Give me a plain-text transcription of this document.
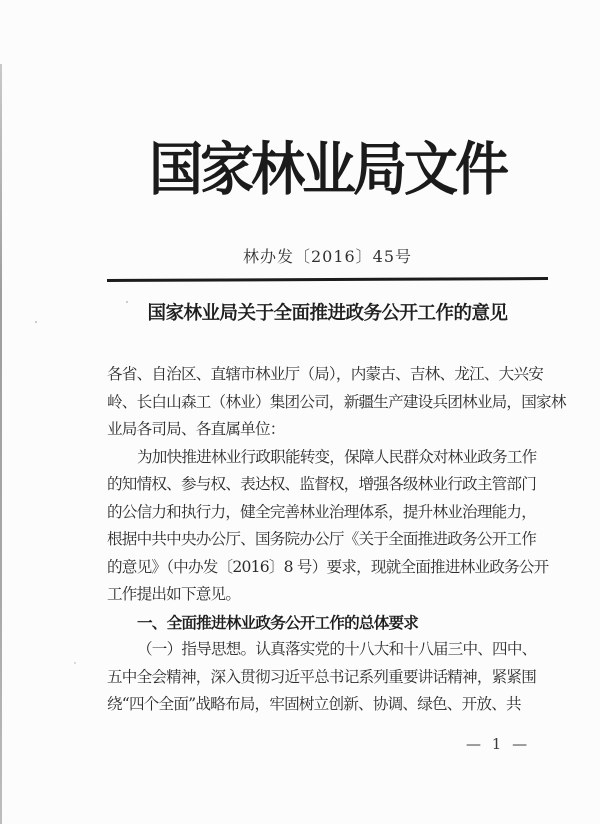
国家林业局文件
林办发〔2016〕45号
国家林业局关于全面推进政务公开工作的意见
各省、自治区、直辖市林业厅（局），内蒙古、吉林、龙江、大兴安
岭、长白山森工（林业）集团公司，新疆生产建设兵团林业局，国家林
业局各司局、各直属单位：
为加快推进林业行政职能转变，保障人民群众对林业政务工作
的知情权、参与权、表达权、监督权，增强各级林业行政主管部门
的公信力和执行力，健全完善林业治理体系，提升林业治理能力，
根据中共中央办公厅、国务院办公厅《关于全面推进政务公开工作
的意见》（中办发〔2016〕8 号）要求，现就全面推进林业政务公开
工作提出如下意见。
一、全面推进林业政务公开工作的总体要求
（一）指导思想。认真落实党的十八大和十八届三中、四中、
五中全会精神，深入贯彻习近平总书记系列重要讲话精神，紧紧围
绕“四个全面”战略布局，牢固树立创新、协调、绿色、开放、共
— 1 —
